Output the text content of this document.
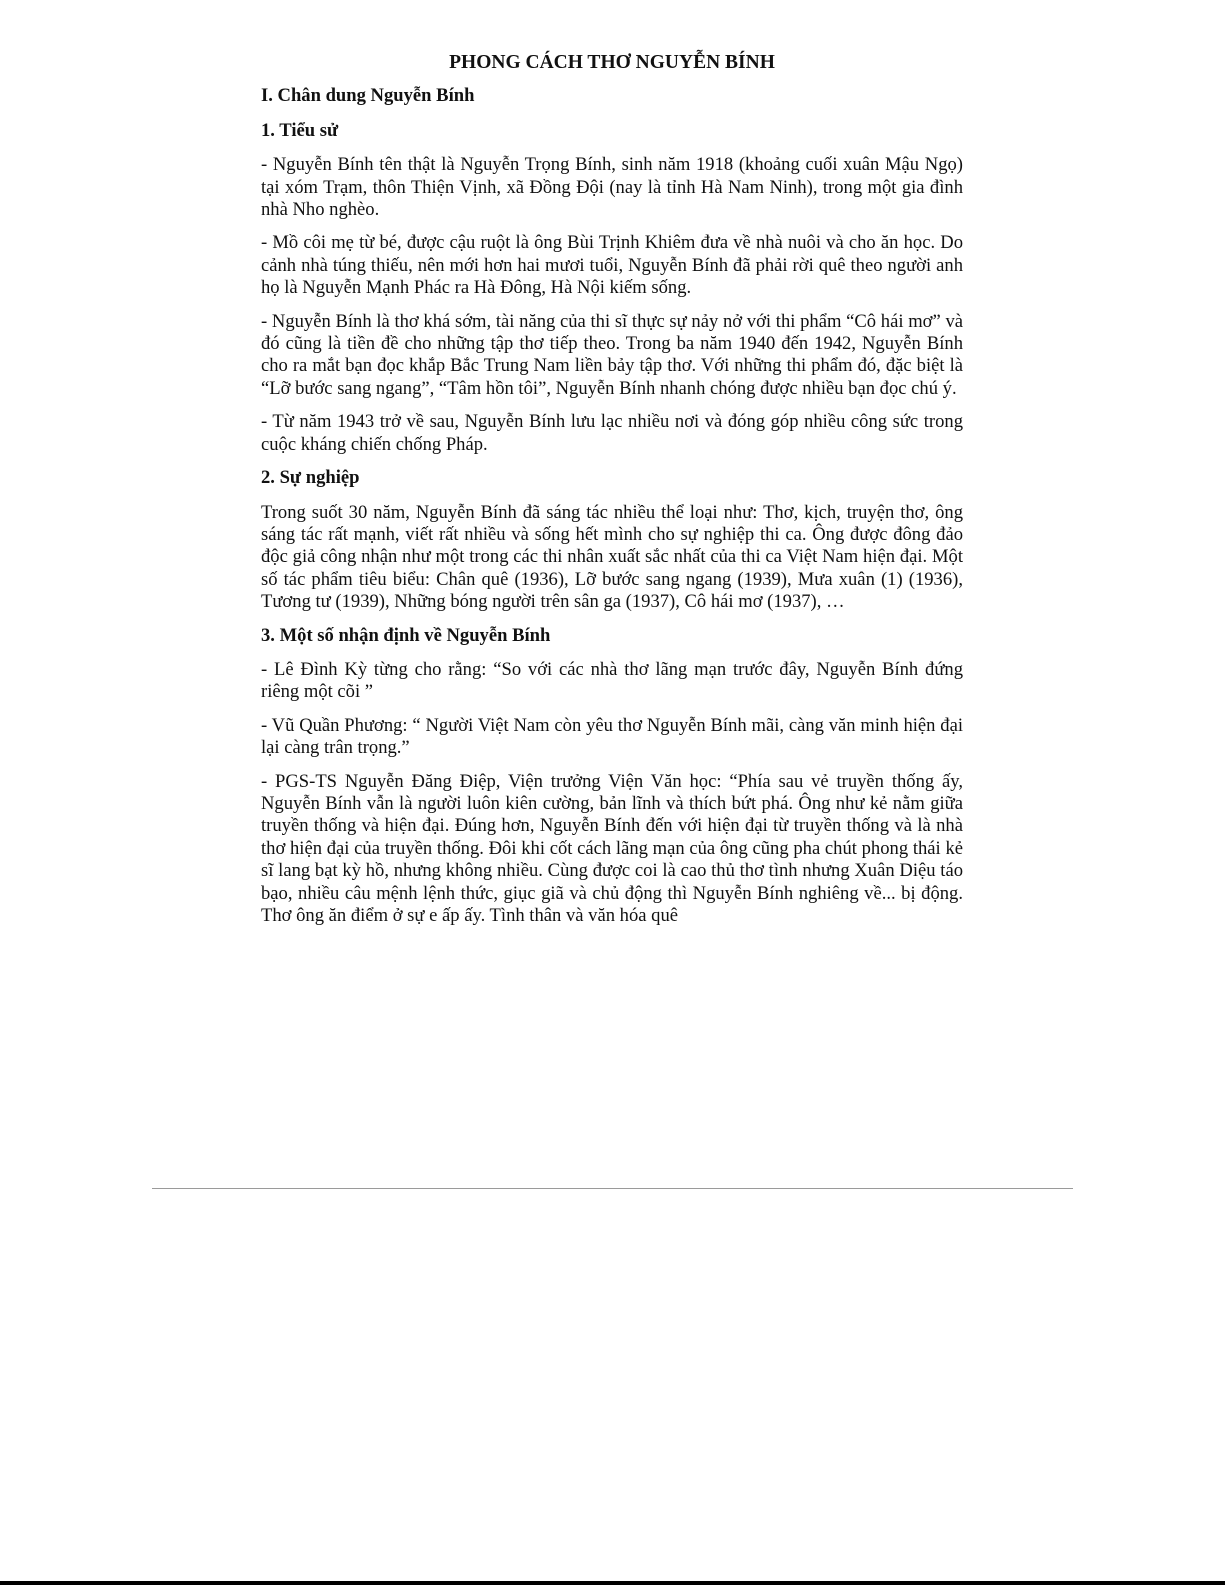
PHONG CÁCH THƠ NGUYỄN BÍNH
I. Chân dung Nguyễn Bính
1. Tiểu sử
- Nguyễn Bính tên thật là Nguyễn Trọng Bính, sinh năm 1918 (khoảng cuối xuân Mậu Ngọ) tại xóm Trạm, thôn Thiện Vịnh, xã Đồng Đội (nay là tỉnh Hà Nam Ninh), trong một gia đình nhà Nho nghèo.
- Mồ côi mẹ từ bé, được cậu ruột là ông Bùi Trịnh Khiêm đưa về nhà nuôi và cho ăn học. Do cảnh nhà túng thiếu, nên mới hơn hai mươi tuổi, Nguyễn Bính đã phải rời quê theo người anh họ là Nguyễn Mạnh Phác ra Hà Đông, Hà Nội kiếm sống.
- Nguyễn Bính là thơ khá sớm, tài năng của thi sĩ thực sự nảy nở với thi phẩm “Cô hái mơ” và đó cũng là tiền đề cho những tập thơ tiếp theo. Trong ba năm 1940 đến 1942, Nguyễn Bính cho ra mắt bạn đọc khắp Bắc Trung Nam liền bảy tập thơ. Với những thi phẩm đó, đặc biệt là “Lỡ bước sang ngang”, “Tâm hồn tôi”, Nguyễn Bính nhanh chóng được nhiều bạn đọc chú ý.
- Từ năm 1943 trở về sau, Nguyễn Bính lưu lạc nhiều nơi và đóng góp nhiều công sức trong cuộc kháng chiến chống Pháp.
2. Sự nghiệp
Trong suốt 30 năm, Nguyễn Bính đã sáng tác nhiều thể loại như: Thơ, kịch, truyện thơ, ông sáng tác rất mạnh, viết rất nhiều và sống hết mình cho sự nghiệp thi ca. Ông được đông đảo độc giả công nhận như một trong các thi nhân xuất sắc nhất của thi ca Việt Nam hiện đại. Một số tác phẩm tiêu biểu: Chân quê (1936), Lỡ bước sang ngang (1939), Mưa xuân (1) (1936), Tương tư (1939), Những bóng người trên sân ga (1937), Cô hái mơ (1937), …
3. Một số nhận định về Nguyễn Bính
- Lê Đình Kỳ từng cho rằng: “So với các nhà thơ lãng mạn trước đây, Nguyễn Bính đứng riêng một cõi ”
- Vũ Quần Phương: “ Người Việt Nam còn yêu thơ Nguyễn Bính mãi, càng văn minh hiện đại lại càng trân trọng.”
- PGS-TS Nguyễn Đăng Điệp, Viện trưởng Viện Văn học: “Phía sau vẻ truyền thống ấy, Nguyễn Bính vẫn là người luôn kiên cường, bản lĩnh và thích bứt phá. Ông như kẻ nằm giữa truyền thống và hiện đại. Đúng hơn, Nguyễn Bính đến với hiện đại từ truyền thống và là nhà thơ hiện đại của truyền thống. Đôi khi cốt cách lãng mạn của ông cũng pha chút phong thái kẻ sĩ lang bạt kỳ hồ, nhưng không nhiều. Cùng được coi là cao thủ thơ tình nhưng Xuân Diệu táo bạo, nhiều câu mệnh lệnh thức, giục giã và chủ động thì Nguyễn Bính nghiêng về... bị động. Thơ ông ăn điểm ở sự e ấp ấy. Tình thân và văn hóa quê
